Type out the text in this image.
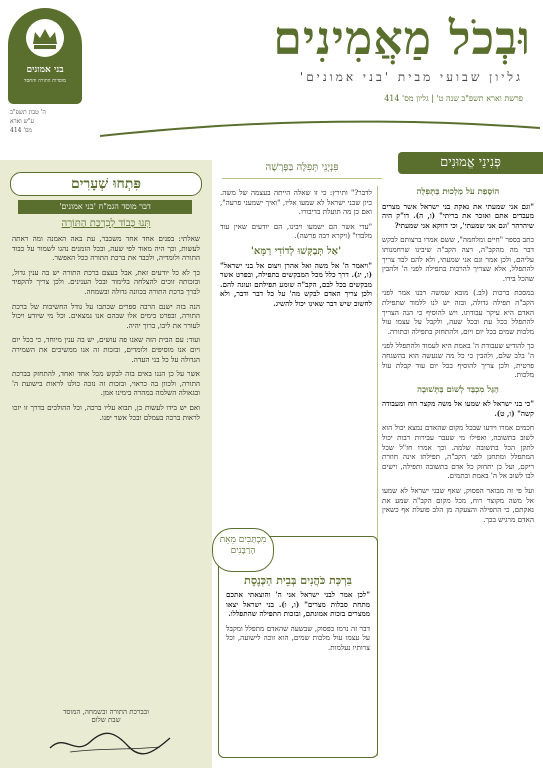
בני אמונים
מוסדות התורה והחסד
וּבְכֹל מַאֲמִינִים
גליון שבועי מבית 'בני אמונים'
פרשת וארא תשפ"ב שנה ט' | גליון מס' 414
ה' טבת תשפ"ב
ע"ש וארא
מס' 414
פְּנִינֵי אֱמוּנִים
פִּנְיָנֵי תְּפִלָּה בַּפָּרָשָׁה
פִּתְחוּ שְׁעָרִים
דבר מוסד הגמ"ח 'בני אמונים'
תְּנוּ כָּבוֹד לְבִרְכַּת הַתּוֹרָה

שאלתי: בפנים אחד אחד משכבר, עת באה האמנה ומה ראתה לעשות, וכך היה מאוד לפי שעה, ובכל הזמנים נהגו לשמור על כבוד התורה ולומדיה, ולכבד את ברכת התורה ככל האפשר.

כך לא כל יודעים זאת, אבל בעצם ברכת התורה יש בה ענין גדול, ובזכותה זוכים להצלחה בלימוד ובכל הענינים. ולכן צריך להקפיד לברך ברכת התורה בכוונה גדולה ובשמחה.

הנה בזה ישנם הרבה ספרים שכתבו על גודל החשיבות של ברכת התורה, ובפרט בימים אלו שבהם אנו נמצאים. וכל מי שיודע ויכול לעורר את ליבו, ברוך יהיה.

ועוד: עם הבית הזה שאנו פה עושים, יש בה ענין מיוחד, כי בכל יום ויום אנו מוסיפים ולומדים, ובזכות זה אנו ממשיכים את השמירה הגדולה על כל בני העדה.

אשר על כן הננו באים בזה לבקש מכל אחד ואחד, להתחזק בברכת התורה, ולכוון בה כראוי, ובזכות זה נזכה כולנו לראות בישועת ה' ובגאולה השלמה במהרה בימינו אמן.

ואם יש בידו לעשות כן, תבוא עליו ברכה, וכל ההולכים בדרך זו יזכו לראות ברכה בעמלם ובכל אשר יפנו.

ובברכת התורה ובשמחה, המוסד
שבת שלום
הוֹסָפַת עֹל מַלְכוּת בַּתְּפִלָּה

"וגם אני שמעתי את נאקת בני ישראל אשר מצרים מעבדים אתם ואזכר את בריתי" (ו, ה). דו"ק היה שיהרהר 'וגם אני שמעתי', וכי דווקא אני שמעתי?

כתב בספר "חיים ומלחמה", ששם אמרו ברצותם לבקש דבר מה מהקב"ה, רצה הקב"ה שיבינו שרחמנותו עליהם, ולכן אמר וגם אני שמעתי, ולא להם לבד צריך להתפלל, אלא שצריך להרבות בתפילה לפני ה' ולהבין שהכל בידו.

במסכת ברכות (לב.) מובא שמשה רבנו אמר לפני הקב"ה תפילה גדולה, ובזה יש לנו ללמוד שתפילת האדם היא עיקר עבודתו. ויש להוסיף כי הנה הצריך להתפלל בכל עת ובכל שעה, ולקבל על עצמו עול מלכות שמים בכל יום ויום, ולהתחזק בתפילה ובתורה.

כך להודיע שעבודת ה' באמת היא לעמוד ולהתפלל לפני ה' בלב שלם, ולהבין כי כל מה שנעשה הוא בהשגחה פרטית, ולכן צריך להוסיף בכל יום עוד קבלת עול מלכות.

הַגַּל מִכְבַּד לְשׁוֹם בַּתְּשׁוּבָה

"כי בני ישראל לא שמעו אל משה מקצר רוח ומעבודה קשה" (ו, ט).

חכמים אמרו וידעו שבכל מקום שהאדם נמצא יכול הוא לשוב בתשובה, ואפילו מי שעבר עבירות רבות יכול לתקן הכל בתשובה שלמה. וכך אמרו חז"ל שכל המתפלל ומתחנן לפני הקב"ה, תפילתו אינה חוזרת ריקם, ועל כן יתחזק כל אדם בתשובה ותפילה, וישים לבו לשוב אל ה' באמת ובתמים.

ועל פי זה מבואר הפסוק, שאף שבני ישראל לא שמעו אל משה מקוצר רוח, מכל מקום הקב"ה שמע את נאקתם, כי התפילה והצעקה מן הלב פועלת אף כשאין האדם מרגיש בכך.

לדבר?" ותירץ: כי זו שאלה הייתה בעצמה של משה. כיון שבני ישראל לא שמעו אליו, "ואיך ישמעני פרעה", ואם כן מה תועלת בדיבורו.

"עדי אשר הם ישמעו ויבינו, הם יודעים שאין עוד מלבדו" (ויקרא רבה פרשה).

'אַל תְּבַקְּשׁוּ לְדוֹדִי רַמָּא'

"ויאמר ה' אל משה ואל אהרן ויצום אל בני ישראל" (ו, יג). דרך כלל מכל המבקשים בתפילה, ובפרט אשר מבקשים בכל לבם, הקב"ה שומע תפילתם ועונה להם. ולכן צריך האדם לבקש מה' על כל דבר ודבר, ולא לחשוב שיש דבר שאינו יכול להשיג.

מִכְתַּבִים מֵאֵת הָרַבָּנִים
בִּרְכַּת כֹּהֲנִים בְּבֵית הַכְּנֶסֶת

"לכן אמר לבני ישראל אני ה' והוצאתי אתכם מתחת סבלות מצרים" (ו, ו). בני ישראל יצאו ממצרים בזכות אמונתם, ובזכות התפילה שהתפללו.

דבר זה נרמז בפסוק, שבשעה שהאדם מתפלל ומקבל על עצמו עול מלכות שמים, הוא זוכה לישועה, וכל צרותיו נעלמות.
